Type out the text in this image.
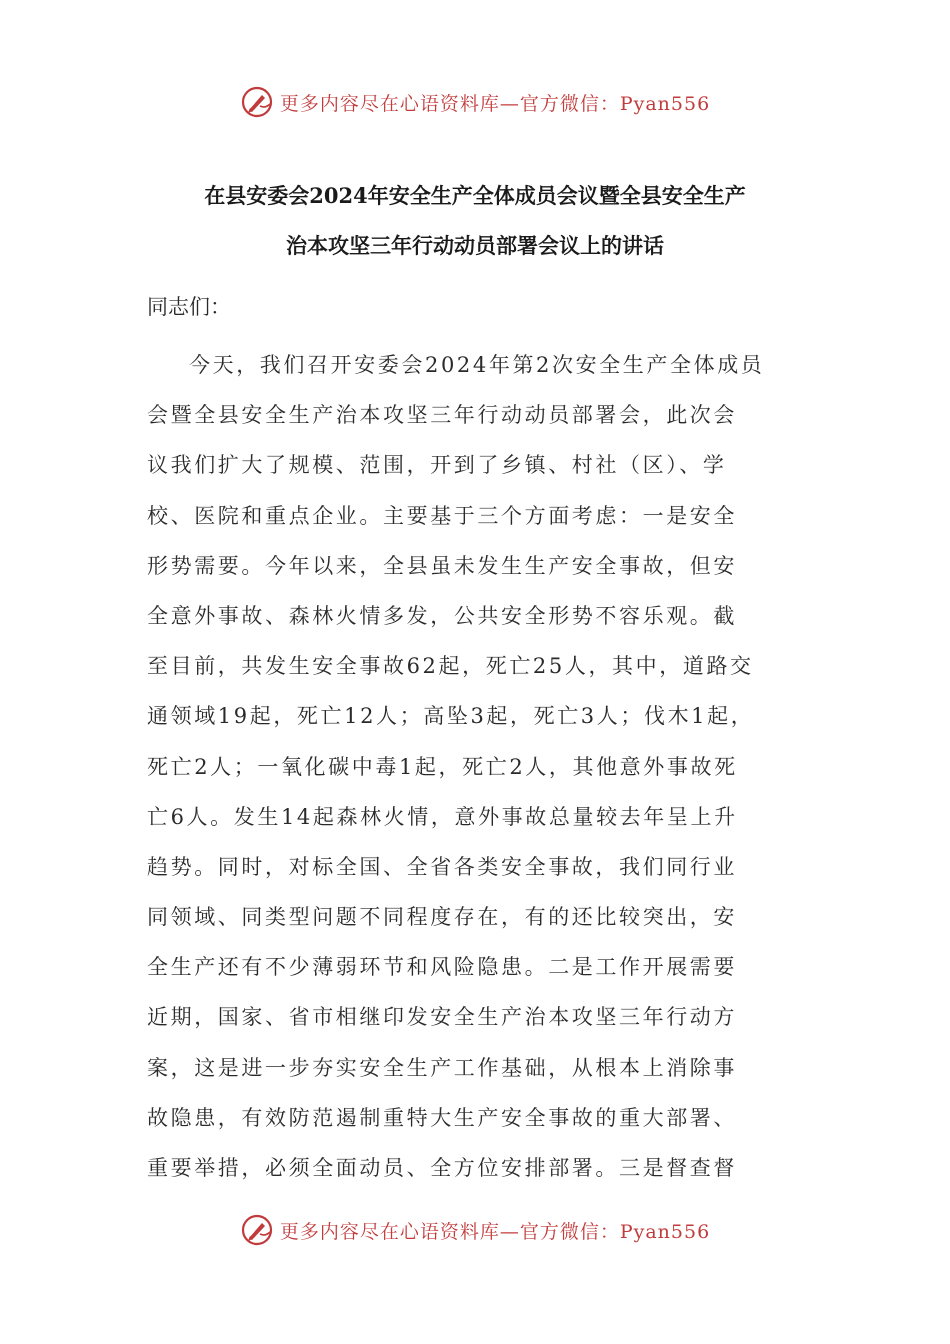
更多内容尽在心语资料库—官方微信：Pyan556
在县安委会2024年安全生产全体成员会议暨全县安全生产
治本攻坚三年行动动员部署会议上的讲话
同志们：
今天，我们召开安委会2024年第2次安全生产全体成员
会暨全县安全生产治本攻坚三年行动动员部署会，此次会
议我们扩大了规模、范围，开到了乡镇、村社（区）、学
校、医院和重点企业。主要基于三个方面考虑：一是安全
形势需要。今年以来，全县虽未发生生产安全事故，但安
全意外事故、森林火情多发，公共安全形势不容乐观。截
至目前，共发生安全事故62起，死亡25人，其中，道路交
通领域19起，死亡12人；高坠3起，死亡3人；伐木1起，
死亡2人；一氧化碳中毒1起，死亡2人，其他意外事故死
亡6人。发生14起森林火情，意外事故总量较去年呈上升
趋势。同时，对标全国、全省各类安全事故，我们同行业
同领域、同类型问题不同程度存在，有的还比较突出，安
全生产还有不少薄弱环节和风险隐患。二是工作开展需要
近期，国家、省市相继印发安全生产治本攻坚三年行动方
案，这是进一步夯实安全生产工作基础，从根本上消除事
故隐患，有效防范遏制重特大生产安全事故的重大部署、
重要举措，必须全面动员、全方位安排部署。三是督查督
更多内容尽在心语资料库—官方微信：Pyan556
